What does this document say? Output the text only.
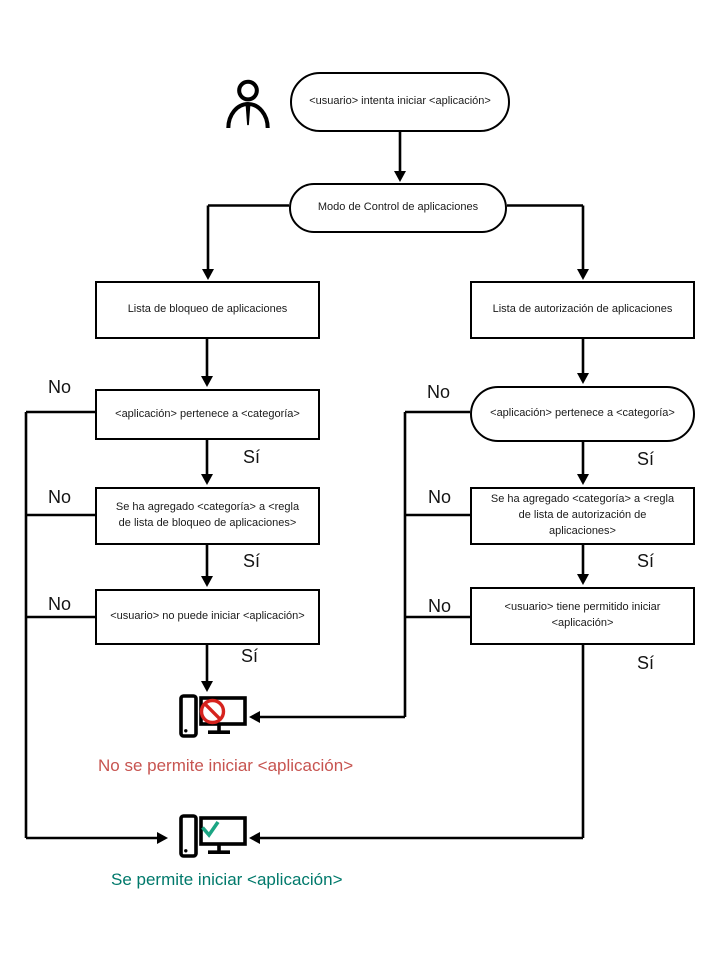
<usuario> intenta iniciar <aplicación>
Modo de Control de aplicaciones
Lista de bloqueo de aplicaciones	Lista de autorización de aplicaciones
<aplicación> pertenece a <categoría>	<aplicación> pertenece a <categoría>
Se ha agregado <categoría> a <regla de lista de bloqueo de aplicaciones>
Se ha agregado <categoría> a <regla de lista de autorización de aplicaciones>
<usuario> no puede iniciar <aplicación>
<usuario> tiene permitido iniciar <aplicación>
No
No
No
No
No
No
Sí
Sí
Sí
Sí
Sí
Sí
No se permite iniciar <aplicación>
Se permite iniciar <aplicación>
